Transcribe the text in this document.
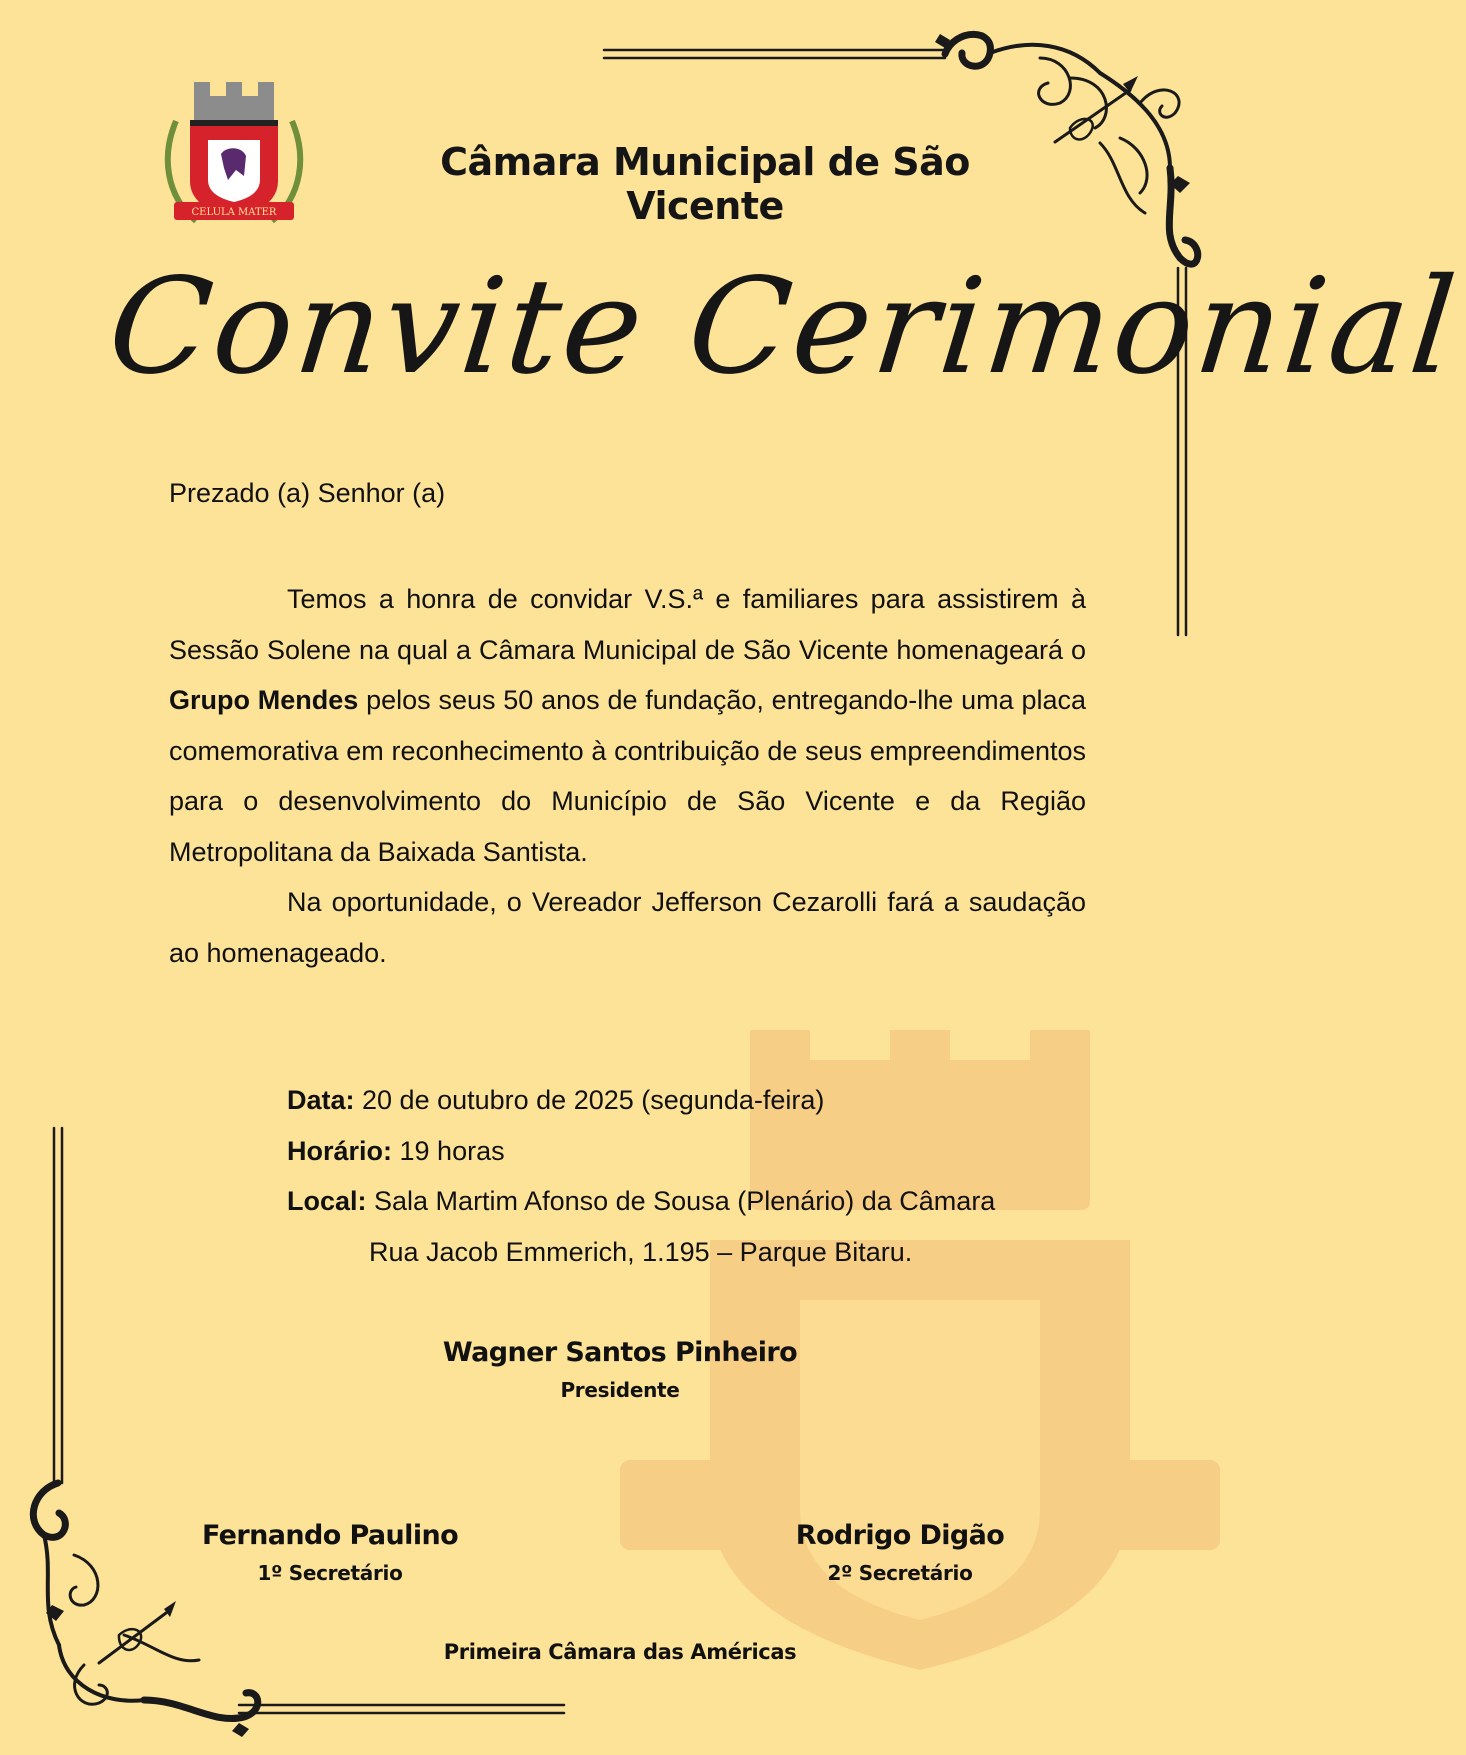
CELULA MATER
Câmara Municipal de São Vicente
Convite Cerimonial
Prezado (a) Senhor (a)

Temos a honra de convidar V.S.ª e familiares para assistirem à Sessão Solene na qual a Câmara Municipal de São Vicente homenageará o Grupo Mendes pelos seus 50 anos de fundação, entregando-lhe uma placa comemorativa em reconhecimento à contribuição de seus empreendimentos para o desenvolvimento do Município de São Vicente e da Região Metropolitana da Baixada Santista.

Na oportunidade, o Vereador Jefferson Cezarolli fará a saudação ao homenageado.

Data: 20 de outubro de 2025 (segunda-feira)
Horário: 19 horas
Local: Sala Martim Afonso de Sousa (Plenário) da Câmara
Rua Jacob Emmerich, 1.195 – Parque Bitaru.
Wagner Santos Pinheiro
Presidente
Fernando Paulino
1º Secretário
Rodrigo Digão
2º Secretário
Primeira Câmara das Américas
